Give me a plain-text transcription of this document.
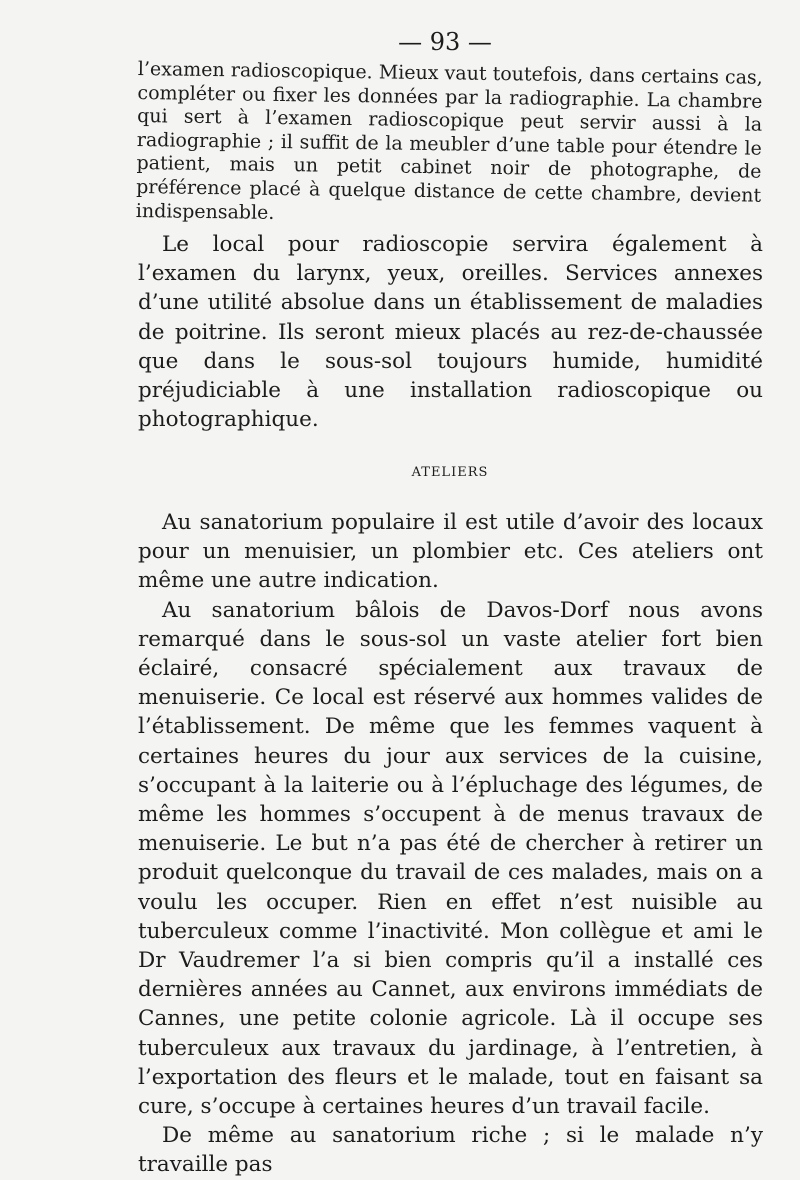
— 93 —

l’examen radioscopique. Mieux vaut toutefois, dans certains cas, compléter ou fixer les données par la radiographie. La chambre qui sert à l’examen radioscopique peut servir aussi à la radiographie ; il suffit de la meubler d’une table pour étendre le patient, mais un petit cabinet noir de photographe, de préférence placé à quelque distance de cette chambre, devient indispensable.

Le local pour radioscopie servira également à l’examen du larynx, yeux, oreilles. Services annexes d’une utilité absolue dans un établissement de maladies de poitrine. Ils seront mieux placés au rez-de-chaussée que dans le sous-sol toujours humide, humidité préjudiciable à une installation radioscopique ou photographique.

ATELIERS

Au sanatorium populaire il est utile d’avoir des locaux pour un menuisier, un plombier etc. Ces ateliers ont même une autre indication.

Au sanatorium bâlois de Davos-Dorf nous avons remarqué dans le sous-sol un vaste atelier fort bien éclairé, consacré spécialement aux travaux de menuiserie. Ce local est réservé aux hommes valides de l’établissement. De même que les femmes vaquent à certaines heures du jour aux services de la cuisine, s’occupant à la laiterie ou à l’épluchage des légumes, de même les hommes s’occupent à de menus travaux de menuiserie. Le but n’a pas été de chercher à retirer un produit quelconque du travail de ces malades, mais on a voulu les occuper. Rien en effet n’est nuisible au tuberculeux comme l’inactivité. Mon collègue et ami le Dr Vaudremer l’a si bien compris qu’il a installé ces dernières années au Cannet, aux environs immédiats de Cannes, une petite colonie agricole. Là il occupe ses tuberculeux aux travaux du jardinage, à l’entretien, à l’exportation des fleurs et le malade, tout en faisant sa cure, s’occupe à certaines heures d’un travail facile.

De même au sanatorium riche ; si le malade n’y travaille pas
